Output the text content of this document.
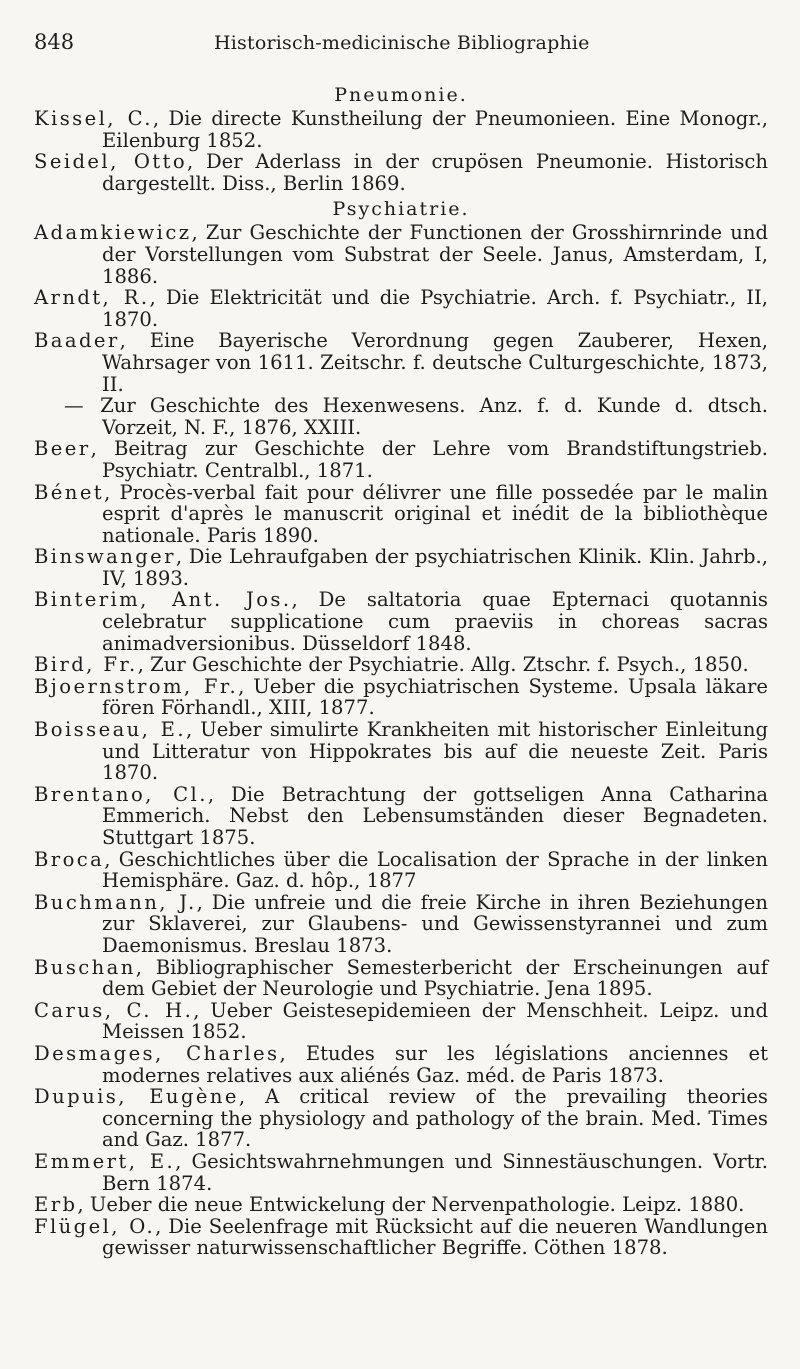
848	Historisch-medicinische Bibliographie
Pneumonie.
Kissel, C., Die directe Kunstheilung der Pneumonieen. Eine Monogr., Eilenburg 1852.
Seidel, Otto, Der Aderlass in der crupösen Pneumonie. Historisch dargestellt. Diss., Berlin 1869.
Psychiatrie.
Adamkiewicz, Zur Geschichte der Functionen der Grosshirnrinde und der Vorstellungen vom Substrat der Seele. Janus, Amsterdam, I, 1886.
Arndt, R., Die Elektricität und die Psychiatrie. Arch. f. Psychiatr., II, 1870.
Baader, Eine Bayerische Verordnung gegen Zauberer, Hexen, Wahrsager von 1611. Zeitschr. f. deutsche Culturgeschichte, 1873, II.
— Zur Geschichte des Hexenwesens. Anz. f. d. Kunde d. dtsch. Vorzeit, N. F., 1876, XXIII.
Beer, Beitrag zur Geschichte der Lehre vom Brandstiftungstrieb. Psychiatr. Centralbl., 1871.
Bénet, Procès-verbal fait pour délivrer une fille possedée par le malin esprit d'après le manuscrit original et inédit de la bibliothèque nationale. Paris 1890.
Binswanger, Die Lehraufgaben der psychiatrischen Klinik. Klin. Jahrb., IV, 1893.
Binterim, Ant. Jos., De saltatoria quae Epternaci quotannis celebratur supplicatione cum praeviis in choreas sacras animadversionibus. Düsseldorf 1848.
Bird, Fr., Zur Geschichte der Psychiatrie. Allg. Ztschr. f. Psych., 1850.
Bjoernstrom, Fr., Ueber die psychiatrischen Systeme. Upsala läkare fören Förhandl., XIII, 1877.
Boisseau, E., Ueber simulirte Krankheiten mit historischer Einleitung und Litteratur von Hippokrates bis auf die neueste Zeit. Paris 1870.
Brentano, Cl., Die Betrachtung der gottseligen Anna Catharina Emmerich. Nebst den Lebensumständen dieser Begnadeten. Stuttgart 1875.
Broca, Geschichtliches über die Localisation der Sprache in der linken Hemisphäre. Gaz. d. hôp., 1877
Buchmann, J., Die unfreie und die freie Kirche in ihren Beziehungen zur Sklaverei, zur Glaubens- und Gewissenstyrannei und zum Daemonismus. Breslau 1873.
Buschan, Bibliographischer Semesterbericht der Erscheinungen auf dem Gebiet der Neurologie und Psychiatrie. Jena 1895.
Carus, C. H., Ueber Geistesepidemieen der Menschheit. Leipz. und Meissen 1852.
Desmages, Charles, Etudes sur les législations anciennes et modernes relatives aux aliénés Gaz. méd. de Paris 1873.
Dupuis, Eugène, A critical review of the prevailing theories concerning the physiology and pathology of the brain. Med. Times and Gaz. 1877.
Emmert, E., Gesichtswahrnehmungen und Sinnestäuschungen. Vortr. Bern 1874.
Erb, Ueber die neue Entwickelung der Nervenpathologie. Leipz. 1880.
Flügel, O., Die Seelenfrage mit Rücksicht auf die neueren Wandlungen gewisser naturwissenschaftlicher Begriffe. Cöthen 1878.
